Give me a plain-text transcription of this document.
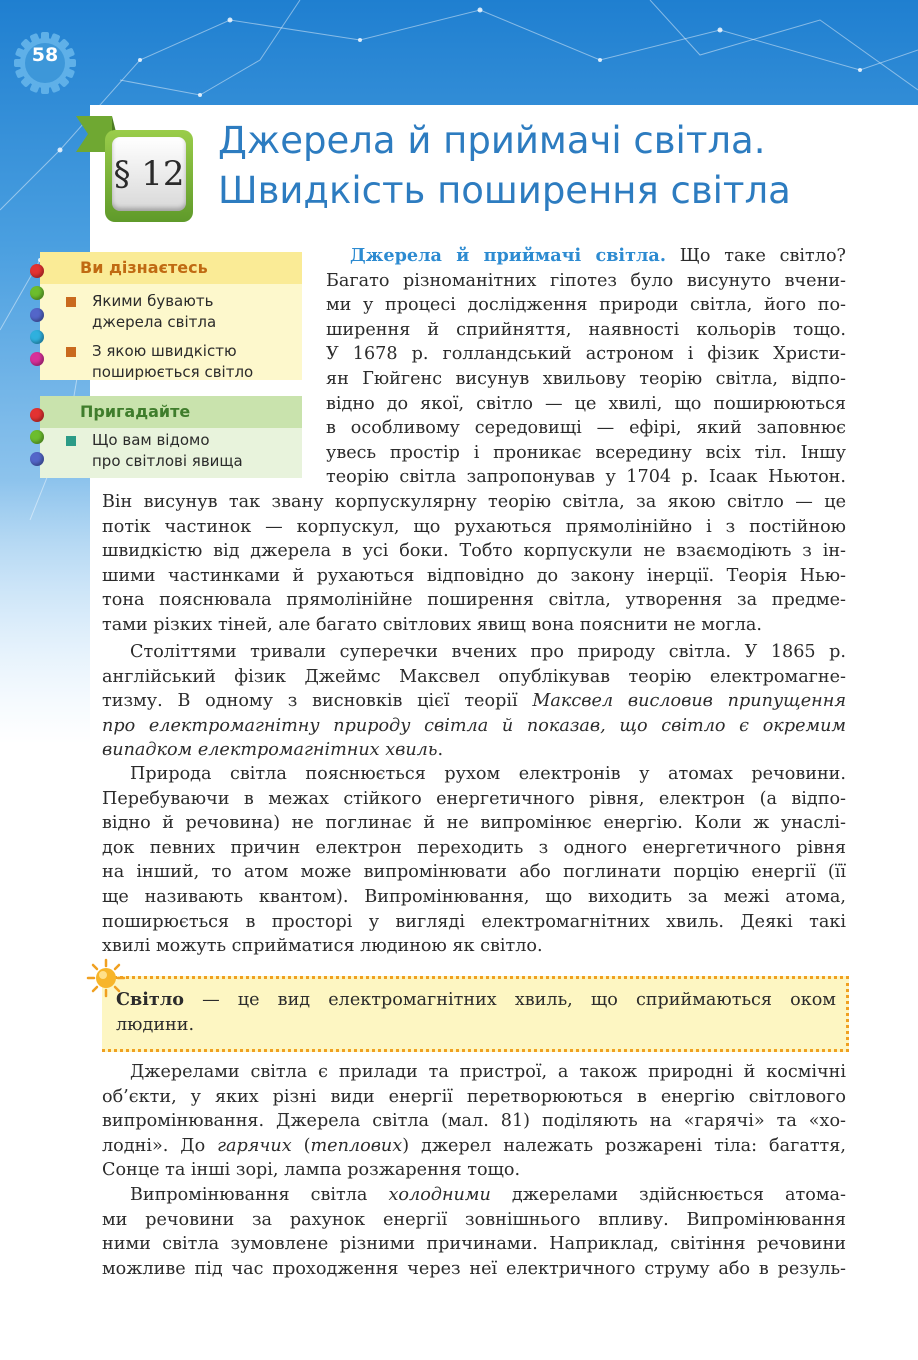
58
§ 12
Джерела й приймачі світла.
Швидкість поширення світла
Ви дізнаєтесь
Якими бувають
джерела світла
З якою швидкістю
поширюється світло
Пригадайте
Що вам відомо
про світлові явища
Джерела й приймачі світла. Що таке світло?
Багато різноманітних гіпотез було висунуто вчени-
ми у процесі дослідження природи світла, його по-
ширення й сприйняття, наявності кольорів тощо.
У 1678 р. голландський астроном і фізик Христи-
ян Гюйгенс висунув хвильову теорію світла, відпо-
відно до якої, світло — це хвилі, що поширюються
в особливому середовищі — ефірі, який заповнює
увесь простір і проникає всередину всіх тіл. Іншу
теорію світла запропонував у 1704 р. Ісаак Ньютон.
Він висунув так звану корпускулярну теорію світла, за якою світло — це
потік частинок — корпускул, що рухаються прямолінійно і з постійною
швидкістю від джерела в усі боки. Тобто корпускули не взаємодіють з ін-
шими частинками й рухаються відповідно до закону інерції. Теорія Нью-
тона пояснювала прямолінійне поширення світла, утворення за предме-
тами різких тіней, але багато світлових явищ вона пояснити не могла.
Століттями тривали суперечки вчених про природу світла. У 1865 р.
англійський фізик Джеймс Максвел опублікував теорію електромагне-
тизму. В одному з висновків цієї теорії Максвел висловив припущення
про електромагнітну природу світла й показав, що світло є окремим
випадком електромагнітних хвиль.
Природа світла пояснюється рухом електронів у атомах речовини.
Перебуваючи в межах стійкого енергетичного рівня, електрон (а відпо-
відно й речовина) не поглинає й не випромінює енергію. Коли ж унаслі-
док певних причин електрон переходить з одного енергетичного рівня
на інший, то атом може випромінювати або поглинати порцію енергії (її
ще називають квантом). Випромінювання, що виходить за межі атома,
поширюється в просторі у вигляді електромагнітних хвиль. Деякі такі
хвилі можуть сприйматися людиною як світло.
Світло — це вид електромагнітних хвиль, що сприймаються оком
людини.
Джерелами світла є прилади та пристрої, а також природні й космічні
об’єкти, у яких різні види енергії перетворюються в енергію світлового
випромінювання. Джерела світла (мал. 81) поділяють на «гарячі» та «хо-
лодні». До гарячих (теплових) джерел належать розжарені тіла: багаття,
Сонце та інші зорі, лампа розжарення тощо.
Випромінювання світла холодними джерелами здійснюється атома-
ми речовини за рахунок енергії зовнішнього впливу. Випромінювання
ними світла зумовлене різними причинами. Наприклад, світіння речовини
можливе під час проходження через неї електричного струму або в резуль-
